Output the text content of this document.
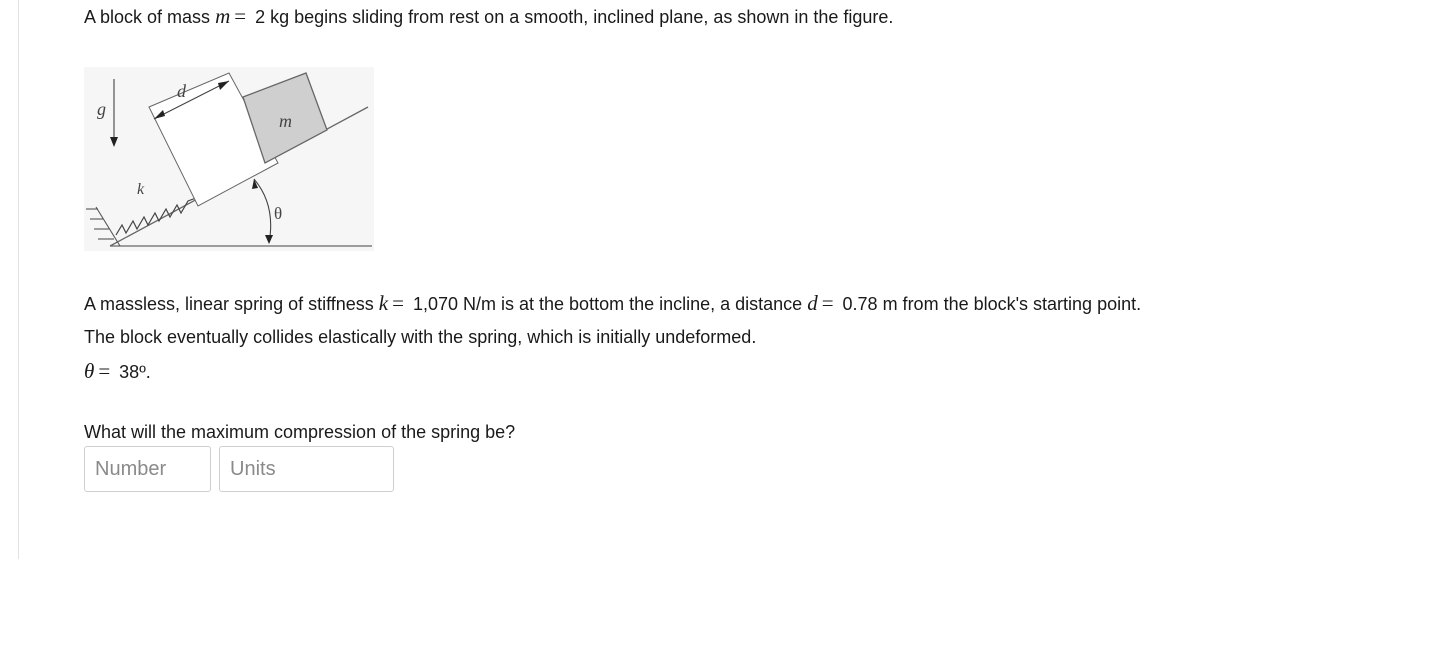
A block of mass m = 2 kg begins sliding from rest on a smooth, inclined plane, as shown in the figure.
g
d
m
k
θ
A massless, linear spring of stiffness k = 1,070 N/m is at the bottom the incline, a distance d = 0.78 m from the block's starting point.
The block eventually collides elastically with the spring, which is initially undeformed.
θ = 38º.
What will the maximum compression of the spring be?
Number
Units
